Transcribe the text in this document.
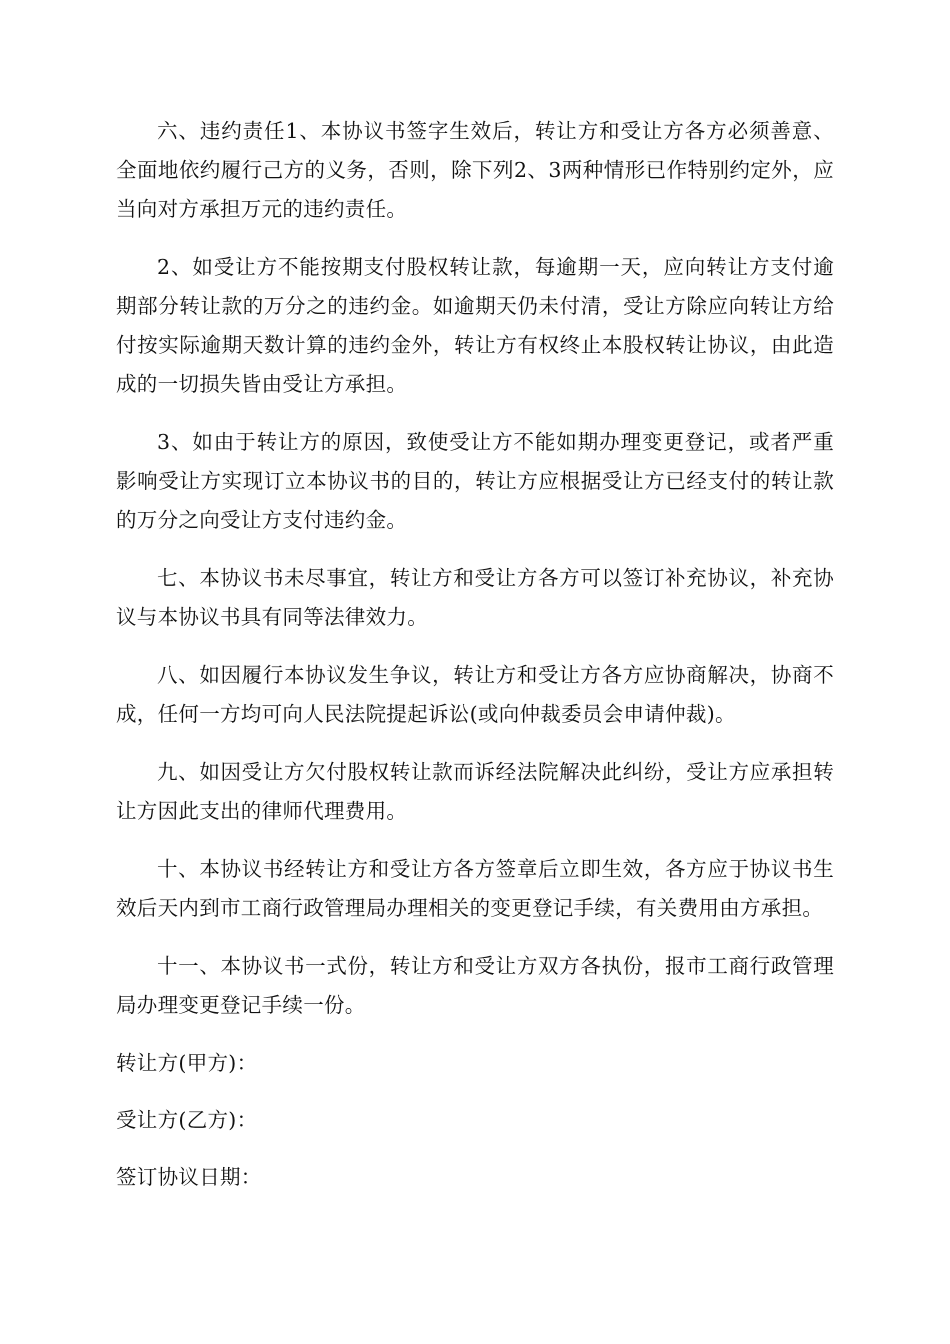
六、违约责任1、本协议书签字生效后，转让方和受让方各方必须善意、全面地依约履行己方的义务，否则，除下列2、3两种情形已作特别约定外，应当向对方承担万元的违约责任。

2、如受让方不能按期支付股权转让款，每逾期一天，应向转让方支付逾期部分转让款的万分之的违约金。如逾期天仍未付清，受让方除应向转让方给付按实际逾期天数计算的违约金外，转让方有权终止本股权转让协议，由此造成的一切损失皆由受让方承担。

3、如由于转让方的原因，致使受让方不能如期办理变更登记，或者严重影响受让方实现订立本协议书的目的，转让方应根据受让方已经支付的转让款的万分之向受让方支付违约金。

七、本协议书未尽事宜，转让方和受让方各方可以签订补充协议，补充协议与本协议书具有同等法律效力。

八、如因履行本协议发生争议，转让方和受让方各方应协商解决，协商不成，任何一方均可向人民法院提起诉讼(或向仲裁委员会申请仲裁)。

九、如因受让方欠付股权转让款而诉经法院解决此纠纷，受让方应承担转让方因此支出的律师代理费用。

十、本协议书经转让方和受让方各方签章后立即生效，各方应于协议书生效后天内到市工商行政管理局办理相关的变更登记手续，有关费用由方承担。

十一、本协议书一式份，转让方和受让方双方各执份，报市工商行政管理局办理变更登记手续一份。

转让方(甲方)：

受让方(乙方)：

签订协议日期：
